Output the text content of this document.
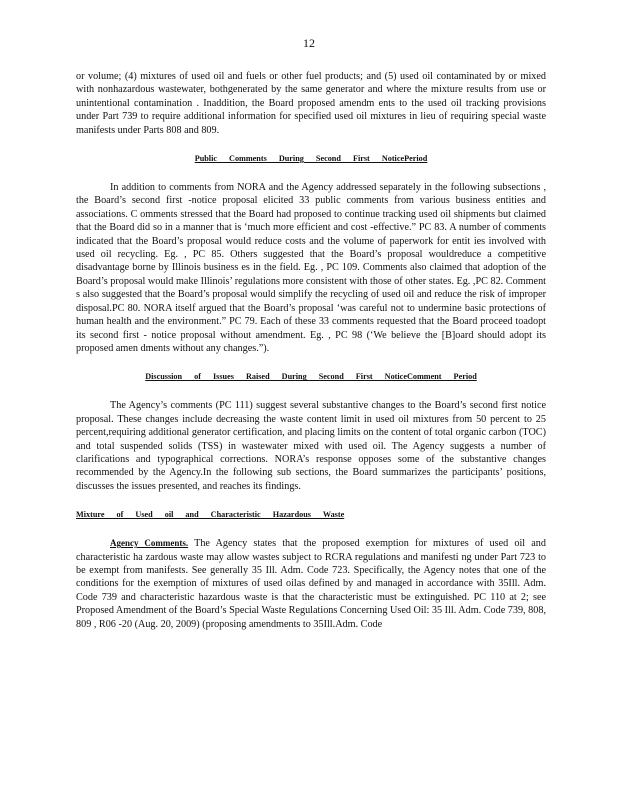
12

or volume; (4) mixtures of used oil and fuels or other fuel products; and (5) used oil contaminated by or mixed with nonhazardous wastewater, bothgenerated by the same generator and where the mixture results from use or unintentional contamination . Inaddition, the Board proposed amendm ents to the used oil tracking provisions under Part 739 to require additional information for specified used oil mixtures in lieu of requiring special waste manifests under Parts 808 and 809.

Public Comments During Second First NoticePeriod

In addition to comments from NORA and the Agency addressed separately in the following subsections , the Board’s second first -notice proposal elicited 33 public comments from various business entities and associations. C omments stressed that the Board had proposed to continue tracking used oil shipments but claimed that the Board did so in a manner that is ‘much more efficient and cost -effective.” PC 83. A number of comments indicated that the Board’s proposal would reduce costs and the volume of paperwork for entit ies involved with used oil recycling. Eg. , PC 85. Others suggested that the Board’s proposal wouldreduce a competitive disadvantage borne by Illinois business es in the field. Eg. , PC 109. Comments also claimed that adoption of the Board’s proposal would make Illinois’ regulations more consistent with those of other states. Eg. ,PC 82. Comment s also suggested that the Board’s proposal would simplify the recycling of used oil and reduce the risk of improper disposal.PC 80. NORA itself argued that the Board’s proposal ‘was careful not to undermine basic protections of human health and the environment.” PC 79. Each of these 33 comments requested that the Board proceed toadopt its second first - notice proposal without amendment. Eg. , PC 98 (‘We believe the [B]oard should adopt its proposed amen dments without any changes.”).

Discussion of Issues Raised During Second First NoticeComment Period

The Agency’s comments (PC 111) suggest several substantive changes to the Board’s second first notice proposal. These changes include decreasing the waste content limit in used oil mixtures from 50 percent to 25 percent,requiring additional generator certification, and placing limits on the content of total organic carbon (TOC) and total suspended solids (TSS) in wastewater mixed with used oil. The Agency suggests a number of clarifications and typographical corrections. NORA’s response opposes some of the substantive changes recommended by the Agency.In the following sub sections, the Board summarizes the participants’ positions, discusses the issues presented, and reaches its findings.

Mixture of Used oil and Characteristic Hazardous Waste

Agency Comments. The Agency states that the proposed exemption for mixtures of used oil and characteristic ha zardous waste may allow wastes subject to RCRA regulations and manifesti ng under Part 723 to be exempt from manifests. See generally 35 Ill. Adm. Code 723. Specifically, the Agency notes that one of the conditions for the exemption of mixtures of used oilas defined by and managed in accordance with 35Ill. Adm. Code 739 and characteristic hazardous waste is that the characteristic must be extinguished. PC 110 at 2; see Proposed Amendment of the Board’s Special Waste Regulations Concerning Used Oil: 35 Ill. Adm. Code 739, 808, 809 , R06 -20 (Aug. 20, 2009) (proposing amendments to 35Ill.Adm. Code
